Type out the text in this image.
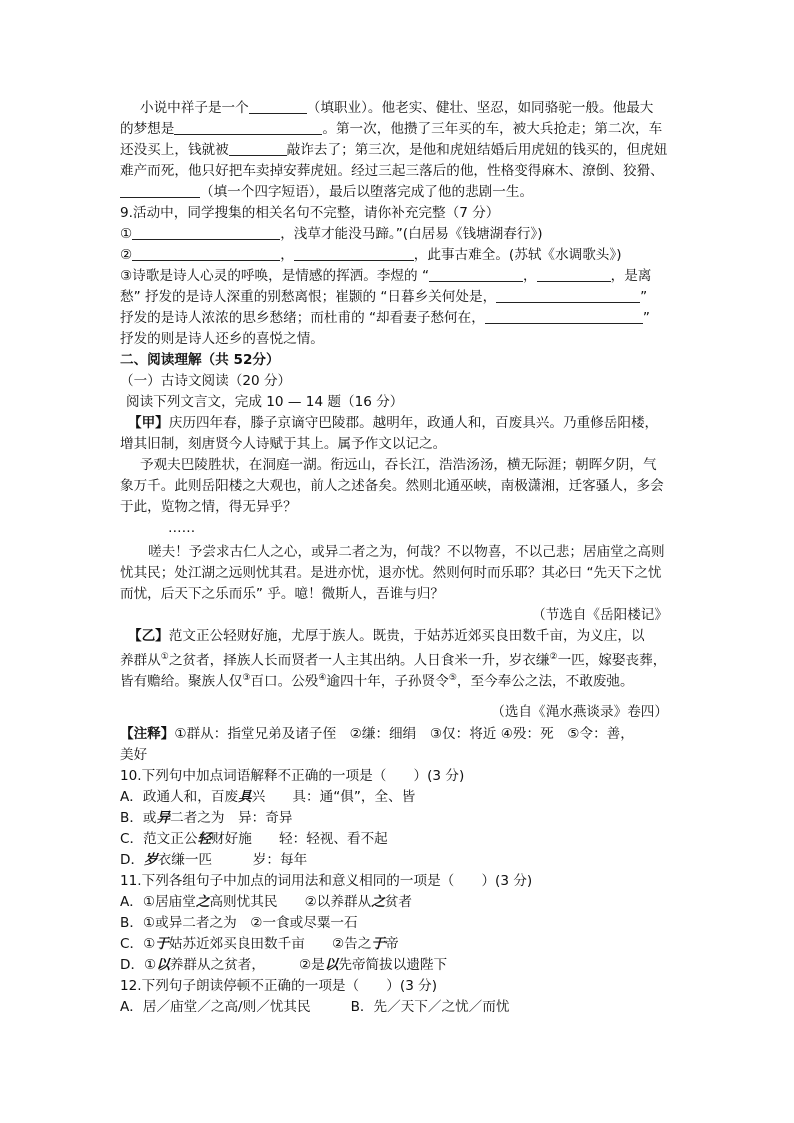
小说中祥子是一个	（填职业）。他老实、健壮、坚忍，如同骆驼一般。他最大
的梦想是	。第一次，他攒了三年买的车，被大兵抢走；第二次，车
还没买上，钱就被	敲诈去了；第三次，是他和虎妞结婚后用虎妞的钱买的，但虎妞
难产而死，他只好把车卖掉安葬虎妞。经过三起三落后的他，性格变得麻木、潦倒、狡猾、
（填一个四字短语），最后以堕落完成了他的悲剧一生。
9.活动中，同学搜集的相关名句不完整，请你补充完整（7 分）
①	，浅草才能没马蹄。”(白居易《钱塘湖春行》)
②	，	，此事古难全。(苏轼《水调歌头》)
③诗歌是诗人心灵的呼唤，是情感的挥洒。李煜的 “	，	，是离
愁” 抒发的是诗人深重的别愁离恨；崔颢的 “日暮乡关何处是，	”
抒发的是诗人浓浓的思乡愁绪；而杜甫的 “却看妻子愁何在，	”
抒发的则是诗人还乡的喜悦之情。
二、阅读理解（共 52分）
（一）古诗文阅读（20 分）
阅读下列文言文，完成 10 — 14 题（16 分）
【甲】庆历四年春，滕子京谪守巴陵郡。越明年，政通人和，百废具兴。乃重修岳阳楼，
增其旧制，刻唐贤今人诗赋于其上。属予作文以记之。
予观夫巴陵胜状，在洞庭一湖。衔远山，吞长江，浩浩汤汤，横无际涯；朝晖夕阴，气
象万千。此则岳阳楼之大观也，前人之述备矣。然则北通巫峡，南极潇湘，迁客骚人，多会
于此，览物之情，得无异乎？
……
嗟夫！予尝求古仁人之心，或异二者之为，何哉？不以物喜，不以己悲；居庙堂之高则
忧其民；处江湖之远则忧其君。是进亦忧，退亦忧。然则何时而乐耶？其必曰 “先天下之忧
而忧，后天下之乐而乐” 乎。噫！微斯人，吾谁与归？
（节选自《岳阳楼记》
【乙】范文正公轻财好施，尤厚于族人。既贵，于姑苏近郊买良田数千亩，为义庄，以
养群从①之贫者，择族人长而贤者一人主其出纳。人日食米一升，岁衣缣②一匹，嫁娶丧葬，
皆有赡给。聚族人仅③百口。公殁④逾四十年，子孙贤令⑤，至今奉公之法，不敢废弛。
（选自《渑水燕谈录》卷四）
【注释】①群从：指堂兄弟及诸子侄　②缣：细绢　③仅：将近 ④殁：死　⑤令：善，
美好
10.下列句中加点词语解释不正确的一项是（　　）(3 分)
A．政通人和，百废具兴　　具：通“俱”，全、皆
B．或异二者之为　异：奇异
C．范文正公轻财好施　　轻：轻视、看不起
D．岁衣缣一匹　　　岁：每年
11.下列各组句子中加点的词用法和意义相同的一项是（　　）(3 分)
A．①居庙堂之高则忧其民　　②以养群从之贫者
B．①或异二者之为　②一食或尽粟一石
C．①于姑苏近郊买良田数千亩　　②告之于帝
D．①以养群从之贫者，　　　②是以先帝简拔以遗陛下
12.下列句子朗读停顿不正确的一项是（　　）(3 分)
A．居／庙堂／之高/则／忧其民	B．先／天下／之忧／而忧
